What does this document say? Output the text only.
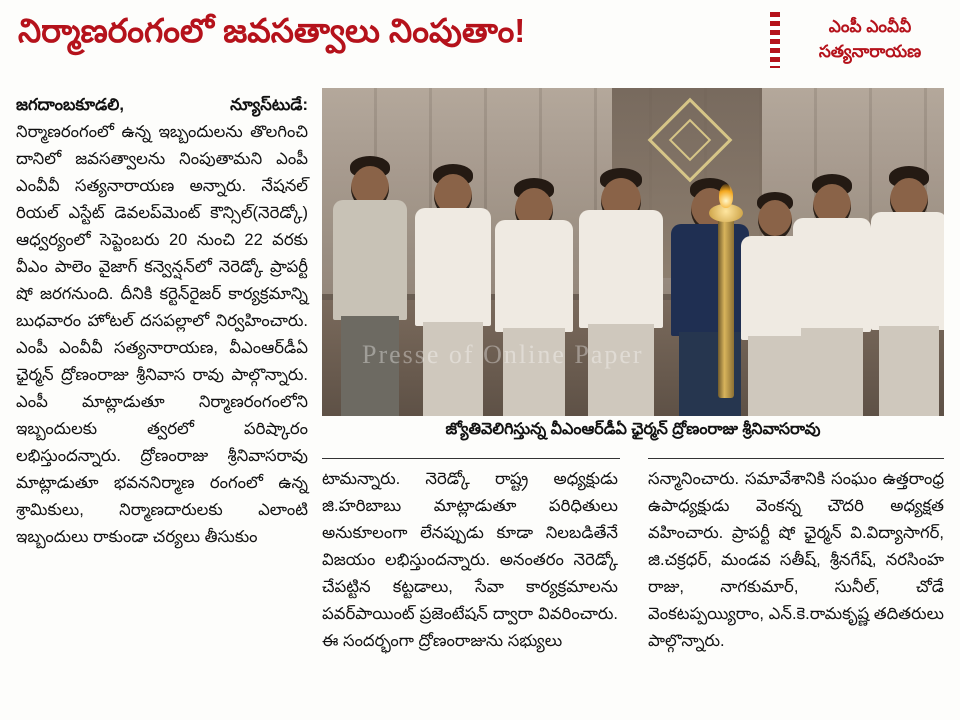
నిర్మాణరంగంలో జవసత్వాలు నింపుతాం!	ఎంపీ ఎంవీవీ
సత్యనారాయణ
జగదాంబకూడలి,	న్యూస్‌టుడే: నిర్మాణరంగంలో ఉన్న ఇబ్బందులను తొలగించి దానిలో జవసత్వాలను నింపుతామని ఎంపీ ఎంవీవీ సత్యనారాయణ అన్నారు. నేషనల్ రియల్ ఎస్టేట్ డెవలప్‌మెంట్ కౌన్సిల్(నెరెడ్కో) ఆధ్వర్యంలో సెప్టెంబరు 20 నుంచి 22 వరకు వీఎం పాలెం వైజాగ్ కన్వెన్షన్‌లో నెరెడ్కో ప్రాపర్టీ షో జరగనుంది. దీనికి కర్టెన్‌రైజర్ కార్యక్రమాన్ని బుధవారం హోటల్ దసపల్లాలో నిర్వహించారు. ఎంపీ ఎంవీవీ సత్యనారాయణ, వీఎంఆర్‌డీఏ ఛైర్మన్ ద్రోణంరాజు శ్రీనివాస రావు పాల్గొన్నారు. ఎంపీ మాట్లాడుతూ నిర్మాణరంగంలోని ఇబ్బందులకు త్వరలో పరిష్కారం లభిస్తుందన్నారు. ద్రోణంరాజు శ్రీనివాసరావు మాట్లాడుతూ భవననిర్మాణ రంగంలో ఉన్న శ్రామికులు, నిర్మాణదారులకు ఎలాంటి ఇబ్బందులు రాకుండా చర్యలు తీసుకుం
Presse of Online Paper
జ్యోతివెలిగిస్తున్న వీఎంఆర్‌డీఏ ఛైర్మన్ ద్రోణంరాజు శ్రీనివాసరావు
టామన్నారు. నెరెడ్కో రాష్ట్ర అధ్యక్షుడు జి.హరిబాబు మాట్లాడుతూ పరిధితులు అనుకూలంగా లేనప్పుడు కూడా నిలబడితేనే విజయం లభిస్తుందన్నారు. అనంతరం నెరెడ్కో చేపట్టిన కట్టడాలు, సేవా కార్యక్రమాలను పవర్‌పాయింట్ ప్రజెంటేషన్ ద్వారా వివరించారు. ఈ సందర్భంగా ద్రోణంరాజును సభ్యులు
సన్మానించారు. సమావేశానికి సంఘం ఉత్తరాంధ్ర ఉపాధ్యక్షుడు వెంకన్న చౌదరి అధ్యక్షత వహించారు. ప్రాపర్టీ షో ఛైర్మన్ వి.విద్యాసాగర్, జి.చక్రధర్, మండవ సతీష్, శ్రీనగేష్, నరసింహ రాజు, నాగకుమార్, సునీల్, చోడే వెంకటప్పయ్యిరాం, ఎన్.కె.రామకృష్ణ తదితరులు పాల్గొన్నారు.
